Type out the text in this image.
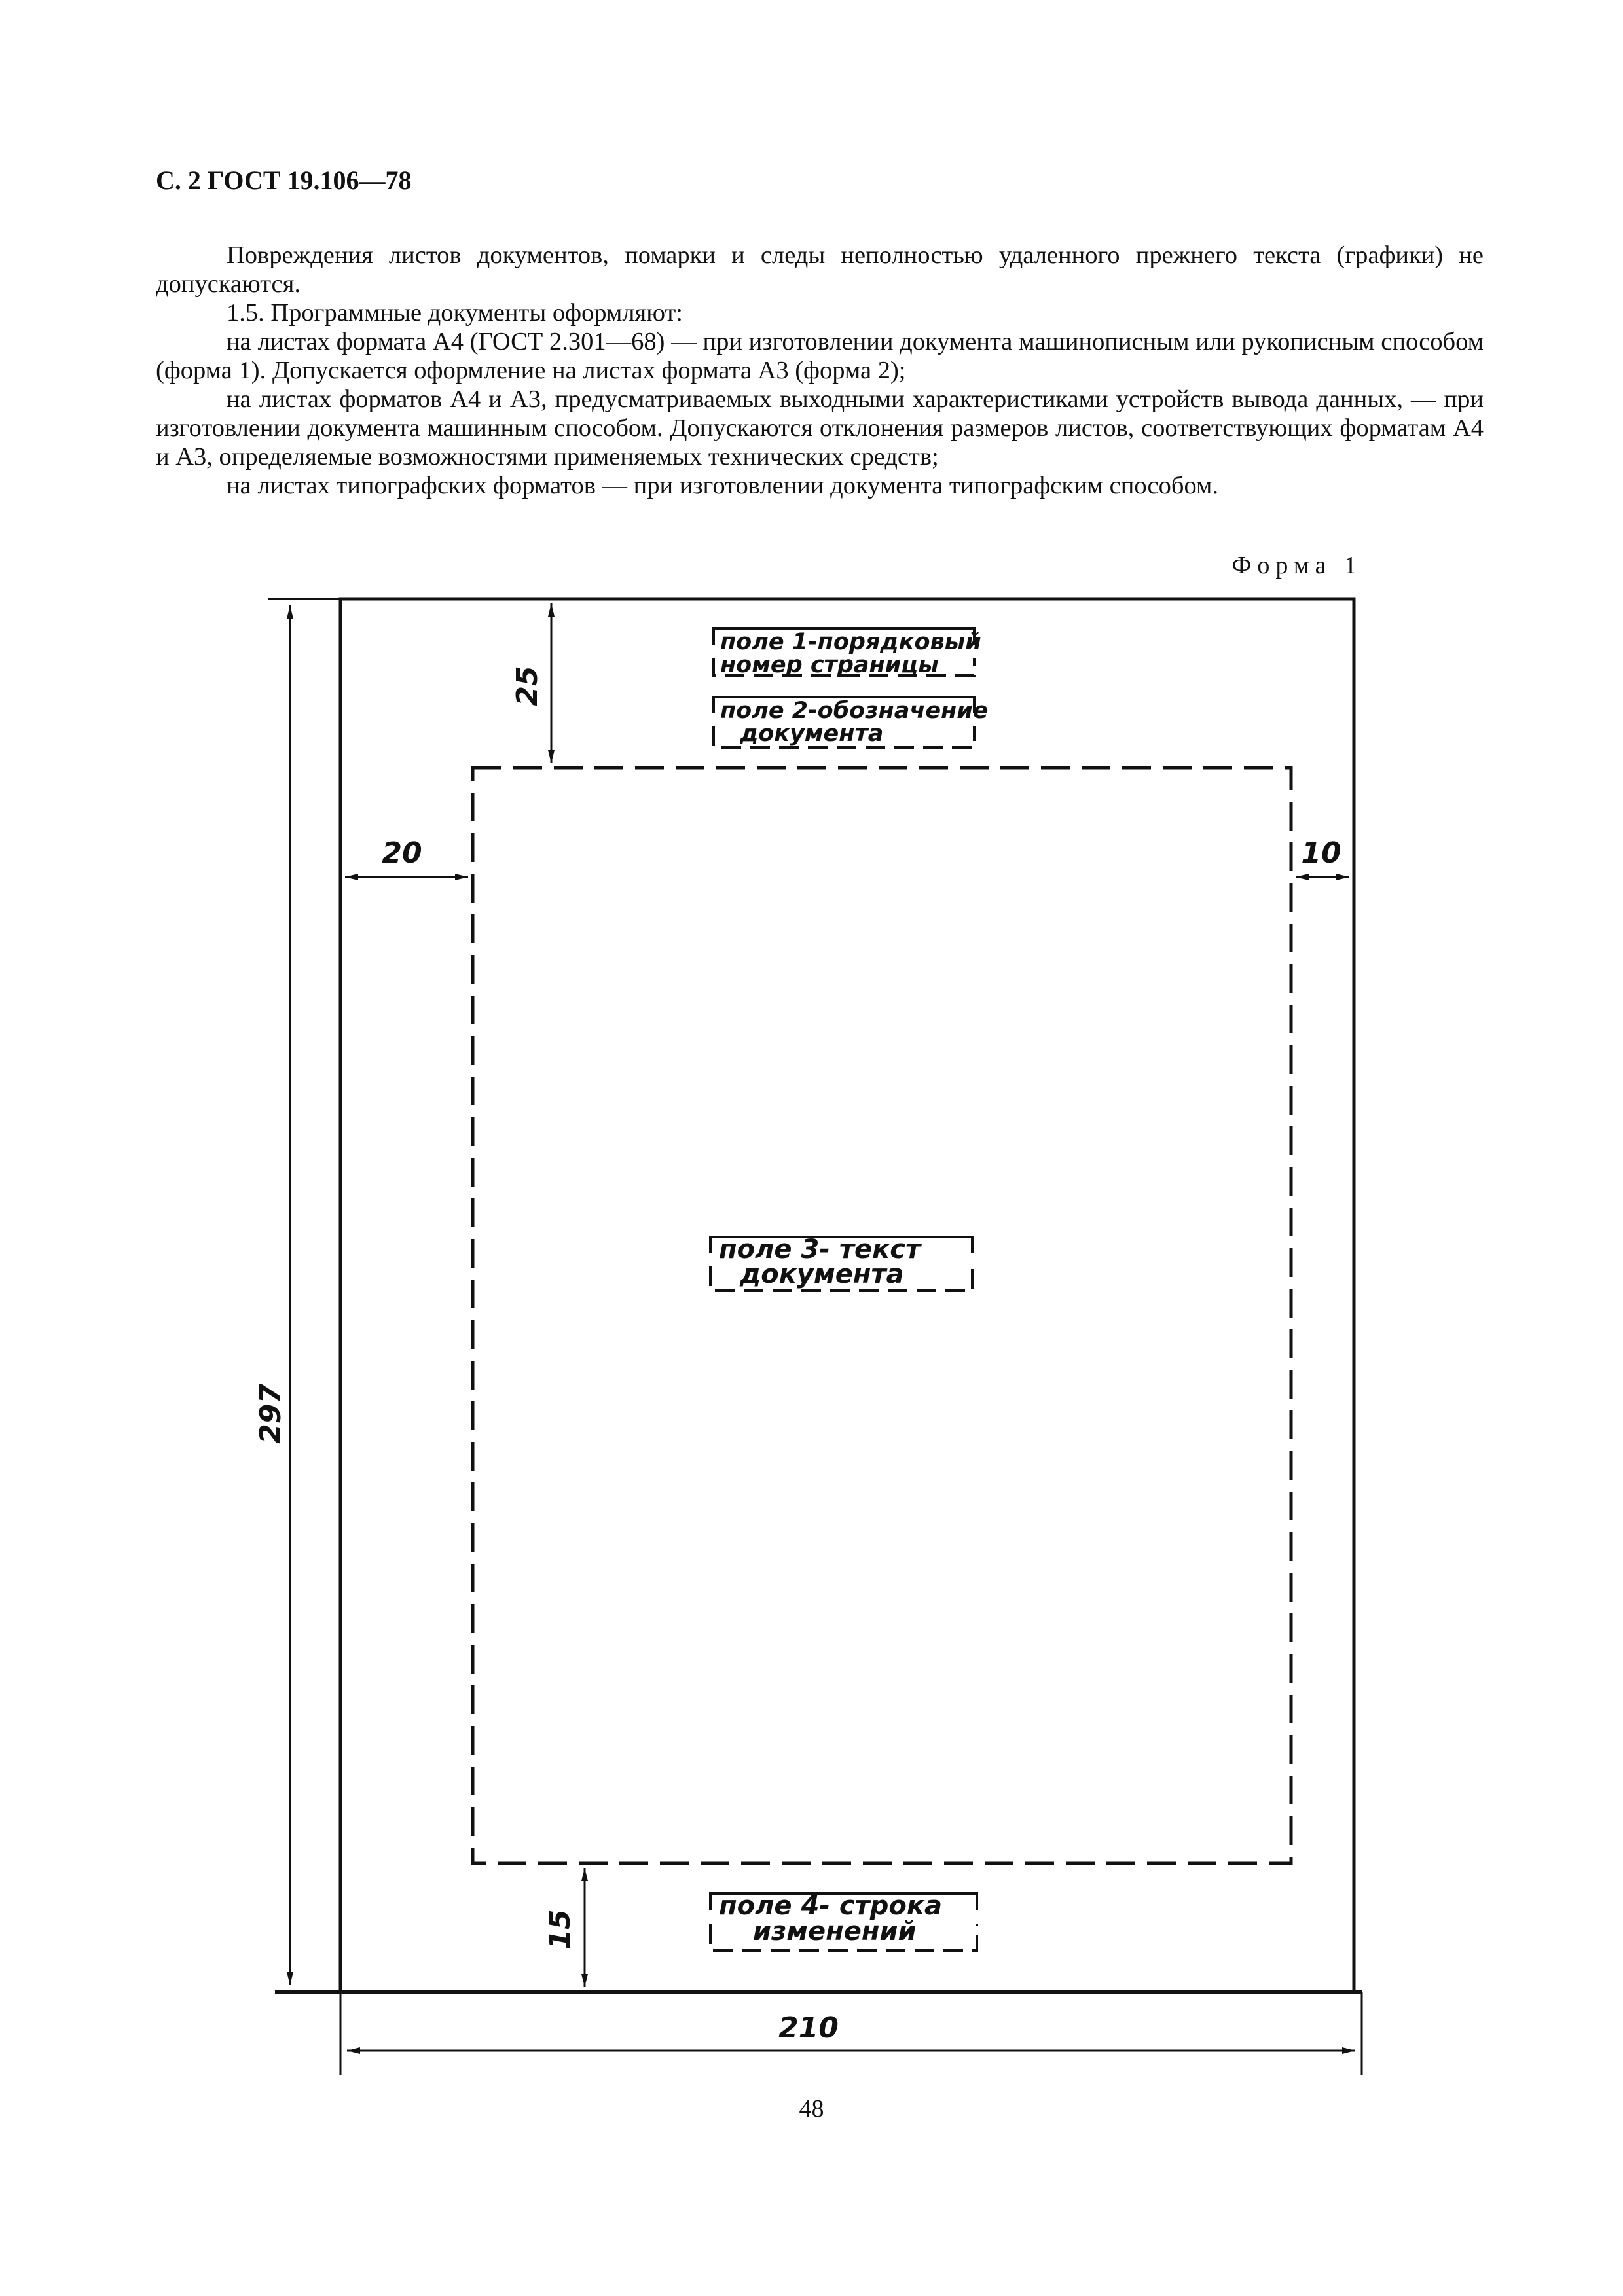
С. 2 ГОСТ 19.106—78

Повреждения листов документов, помарки и следы неполностью удаленного прежнего текста (графики) не допускаются.

1.5. Программные документы оформляют:

на листах формата А4 (ГОСТ 2.301—68) — при изготовлении документа машинописным или рукописным способом (форма 1). Допускается оформление на листах формата А3 (форма 2);

на листах форматов А4 и А3, предусматриваемых выходными характеристиками устройств вывода данных, — при изготовлении документа машинным способом. Допускаются отклонения размеров листов, соответствующих форматам А4 и А3, определяемые возможностями применяемых технических средств;

на листах типографских форматов — при изготовлении документа типографским способом.

Форма 1
297
210
25
20	10
15
поле 1-порядковый
номер страницы
поле 2-обозначение
документа
поле 3- текст
документа
поле 4- строка
изменений
48
